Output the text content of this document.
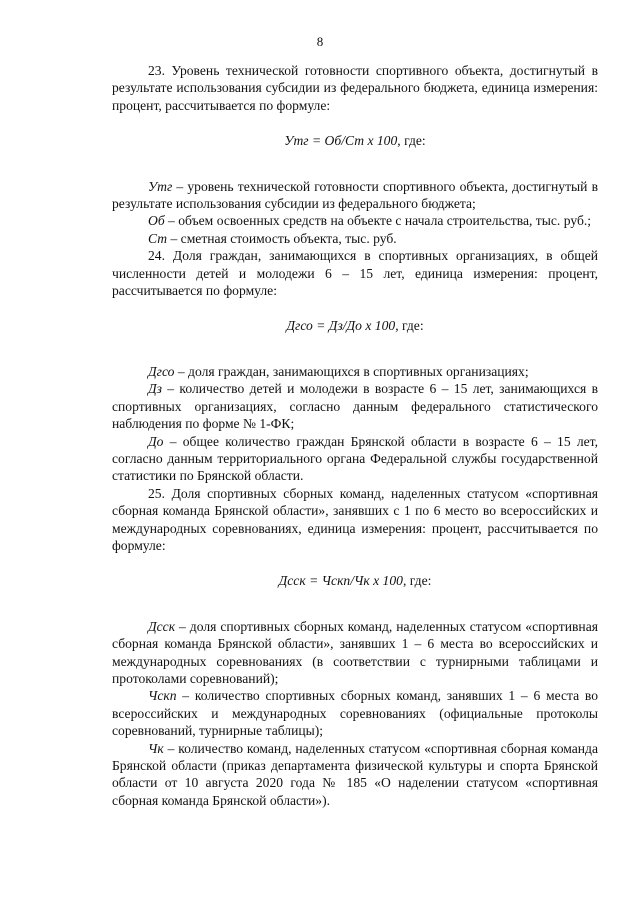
8

23. Уровень технической готовности спортивного объекта, достигнутый в результате использования субсидии из федерального бюджета, единица измерения: процент, рассчитывается по формуле:

Утг = Об/Ст х 100, где:

Утг – уровень технической готовности спортивного объекта, достигнутый в результате использования субсидии из федерального бюджета;

Об – объем освоенных средств на объекте с начала строительства, тыс. руб.;

Ст – сметная стоимость объекта, тыс. руб.

24. Доля граждан, занимающихся в спортивных организациях, в общей численности детей и молодежи 6 – 15 лет, единица измерения: процент, рассчитывается по формуле:

Дгсо = Дз/До х 100, где:

Дгсо – доля граждан, занимающихся в спортивных организациях;

Дз – количество детей и молодежи в возрасте 6 – 15 лет, занимающихся в спортивных организациях, согласно данным федерального статистического наблюдения по форме № 1-ФК;

До – общее количество граждан Брянской области в возрасте 6 – 15 лет, согласно данным территориального органа Федеральной службы государственной статистики по Брянской области.

25. Доля спортивных сборных команд, наделенных статусом «спортивная сборная команда Брянской области», занявших с 1 по 6 место во всероссийских и международных соревнованиях, единица измерения: процент, рассчитывается по формуле:

Дсск = Чскп/Чк х 100, где:

Дсск – доля спортивных сборных команд, наделенных статусом «спортивная сборная команда Брянской области», занявших 1 – 6 места во всероссийских и международных соревнованиях (в соответствии с турнирными таблицами и протоколами соревнований);

Чскп – количество спортивных сборных команд, занявших 1 – 6 места во всероссийских и международных соревнованиях (официальные протоколы соревнований, турнирные таблицы);

Чк – количество команд, наделенных статусом «спортивная сборная команда Брянской области (приказ департамента физической культуры и спорта Брянской области от 10 августа 2020 года № 185 «О наделении статусом «спортивная сборная команда Брянской области»).
